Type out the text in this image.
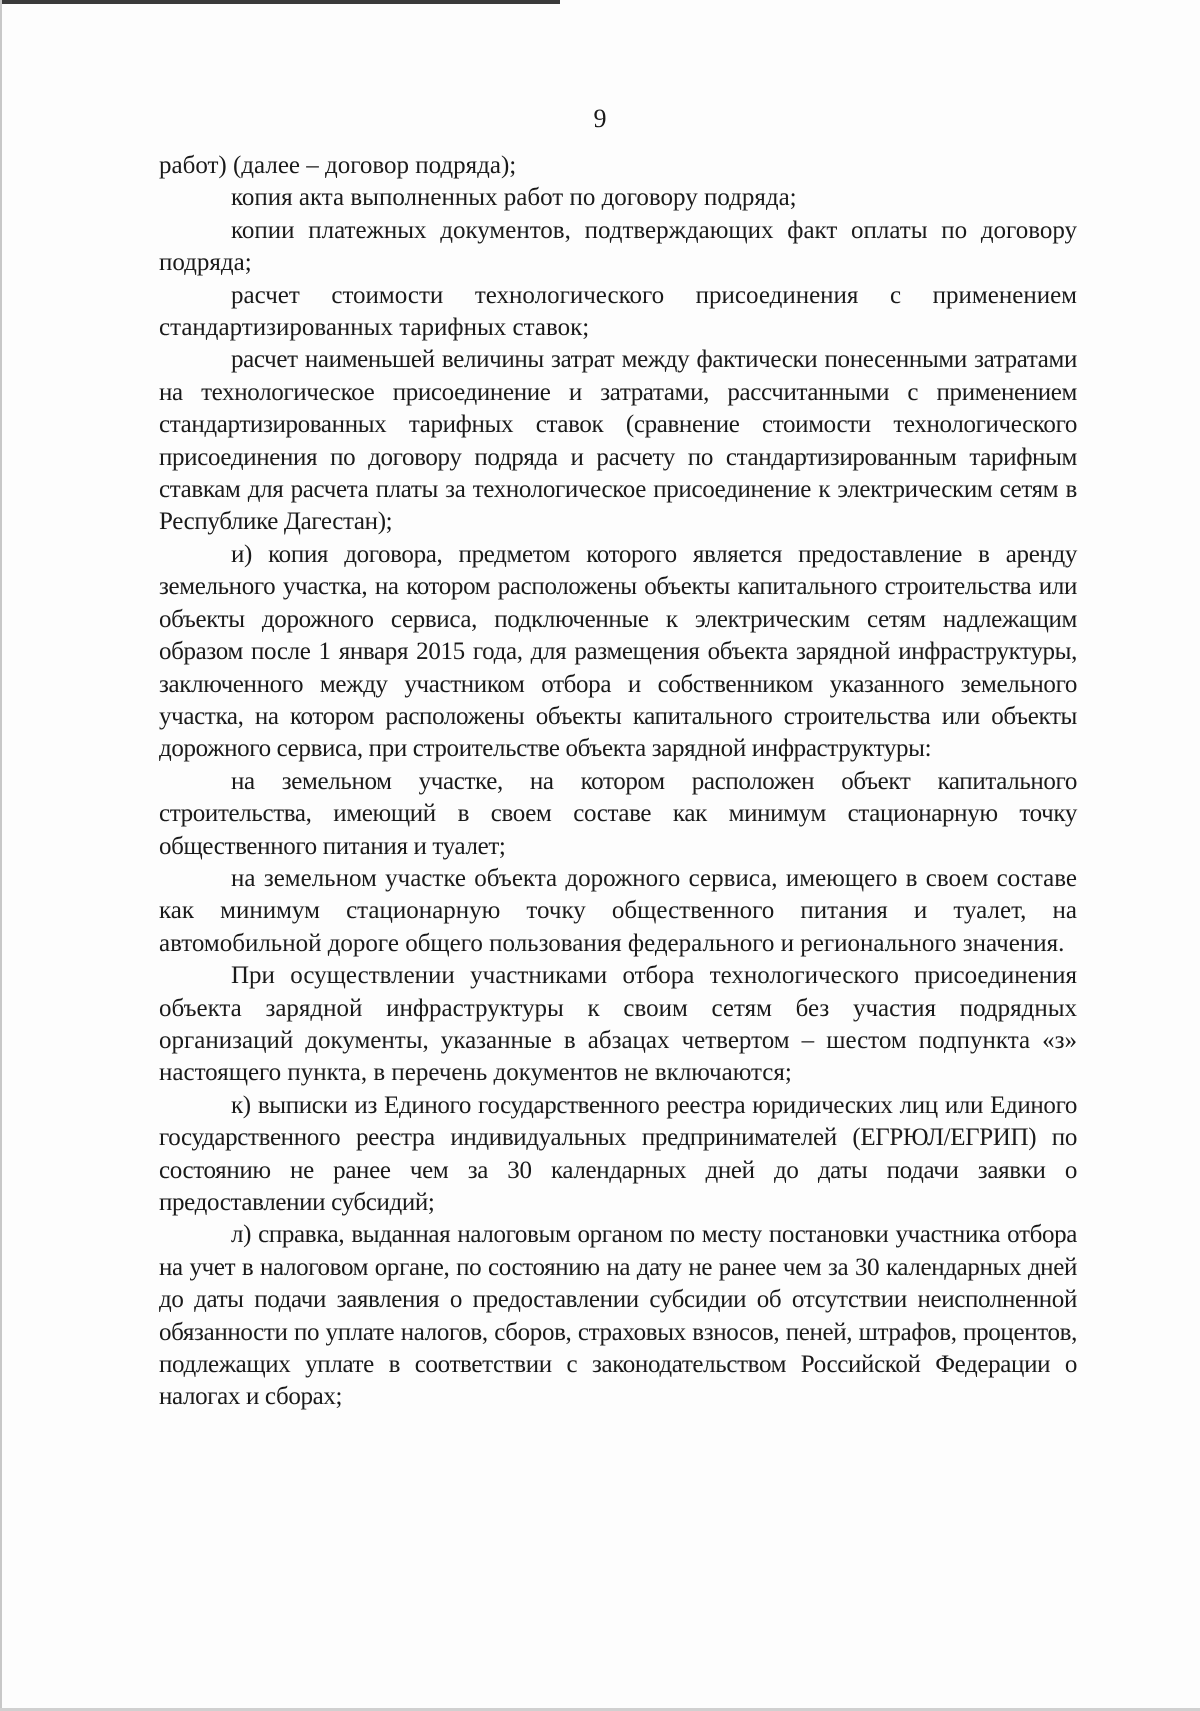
9

работ) (далее – договор подряда);

копия акта выполненных работ по договору подряда;

копии платежных документов, подтверждающих факт оплаты по договору подряда;

расчет стоимости технологического присоединения с применением стандартизированных тарифных ставок;

расчет наименьшей величины затрат между фактически понесенными затратами на технологическое присоединение и затратами, рассчитанными с применением стандартизированных тарифных ставок (сравнение стоимости технологического присоединения по договору подряда и расчету по стандартизированным тарифным ставкам для расчета платы за технологическое присоединение к электрическим сетям в Республике Дагестан);

и) копия договора, предметом которого является предоставление в аренду земельного участка, на котором расположены объекты капитального строительства или объекты дорожного сервиса, подключенные к электрическим сетям надлежащим образом после 1 января 2015 года, для размещения объекта зарядной инфраструктуры, заключенного между участником отбора и собственником указанного земельного участка, на котором расположены объекты капитального строительства или объекты дорожного сервиса, при строительстве объекта зарядной инфраструктуры:

на земельном участке, на котором расположен объект капитального строительства, имеющий в своем составе как минимум стационарную точку общественного питания и туалет;

на земельном участке объекта дорожного сервиса, имеющего в своем составе как минимум стационарную точку общественного питания и туалет, на автомобильной дороге общего пользования федерального и регионального значения.

При осуществлении участниками отбора технологического присоединения объекта зарядной инфраструктуры к своим сетям без участия подрядных организаций документы, указанные в абзацах четвертом – шестом подпункта «з» настоящего пункта, в перечень документов не включаются;

к) выписки из Единого государственного реестра юридических лиц или Единого государственного реестра индивидуальных предпринимателей (ЕГРЮЛ/ЕГРИП) по состоянию не ранее чем за 30 календарных дней до даты подачи заявки о предоставлении субсидий;

л) справка, выданная налоговым органом по месту постановки участника отбора на учет в налоговом органе, по состоянию на дату не ранее чем за 30 календарных дней до даты подачи заявления о предоставлении субсидии об отсутствии неисполненной обязанности по уплате налогов, сборов, страховых взносов, пеней, штрафов, процентов, подлежащих уплате в соответствии с законодательством Российской Федерации о налогах и сборах;
